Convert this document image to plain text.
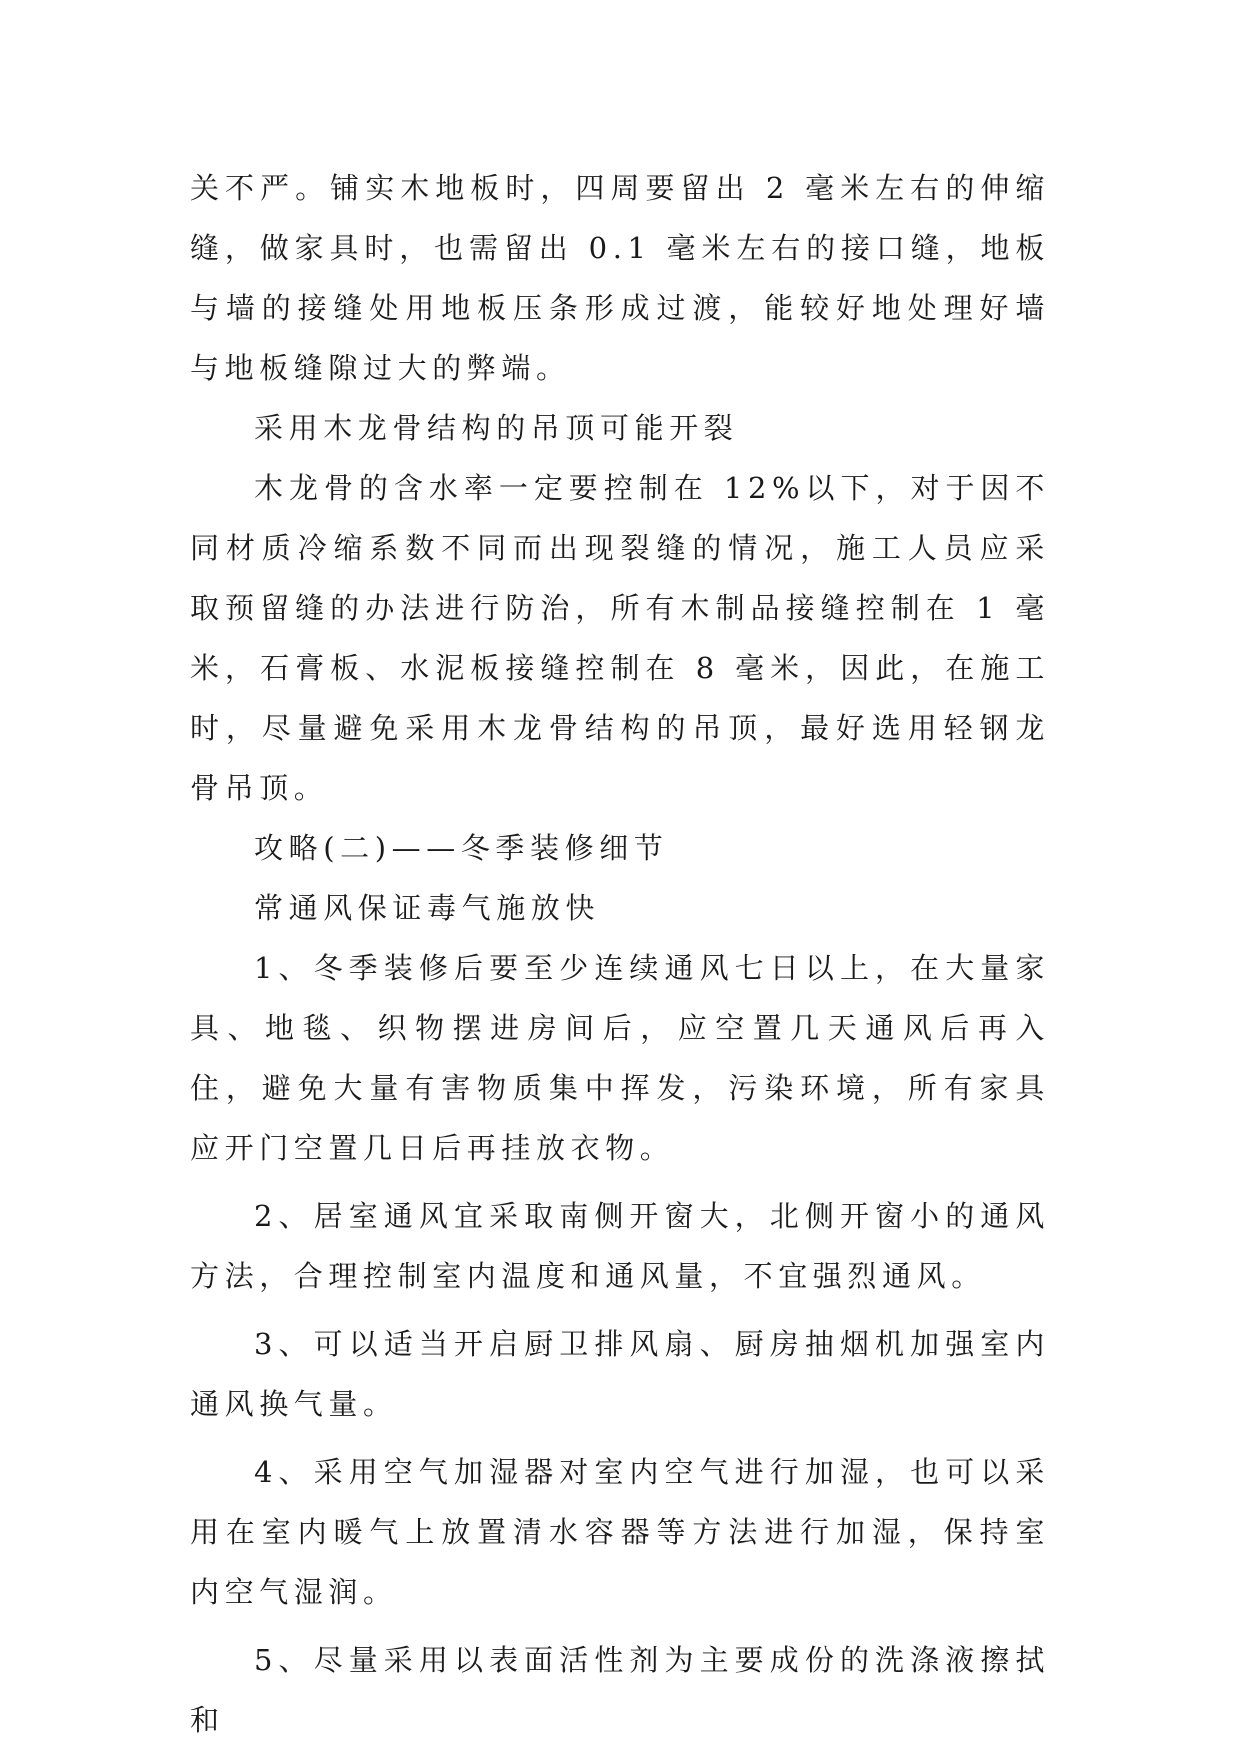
关不严。铺实木地板时，四周要留出 2 毫米左右的伸缩缝，做家具时，也需留出 0.1 毫米左右的接口缝，地板与墙的接缝处用地板压条形成过渡，能较好地处理好墙与地板缝隙过大的弊端。

采用木龙骨结构的吊顶可能开裂

木龙骨的含水率一定要控制在 12%以下，对于因不同材质冷缩系数不同而出现裂缝的情况，施工人员应采取预留缝的办法进行防治，所有木制品接缝控制在 1 毫米，石膏板、水泥板接缝控制在 8 毫米，因此，在施工时，尽量避免采用木龙骨结构的吊顶，最好选用轻钢龙骨吊顶。

攻略(二)——冬季装修细节

常通风保证毒气施放快

1、冬季装修后要至少连续通风七日以上，在大量家具、地毯、织物摆进房间后，应空置几天通风后再入住，避免大量有害物质集中挥发，污染环境，所有家具应开门空置几日后再挂放衣物。

2、居室通风宜采取南侧开窗大，北侧开窗小的通风方法，合理控制室内温度和通风量，不宜强烈通风。

3、可以适当开启厨卫排风扇、厨房抽烟机加强室内通风换气量。

4、采用空气加湿器对室内空气进行加湿，也可以采用在室内暖气上放置清水容器等方法进行加湿，保持室内空气湿润。

5、尽量采用以表面活性剂为主要成份的洗涤液擦拭和
